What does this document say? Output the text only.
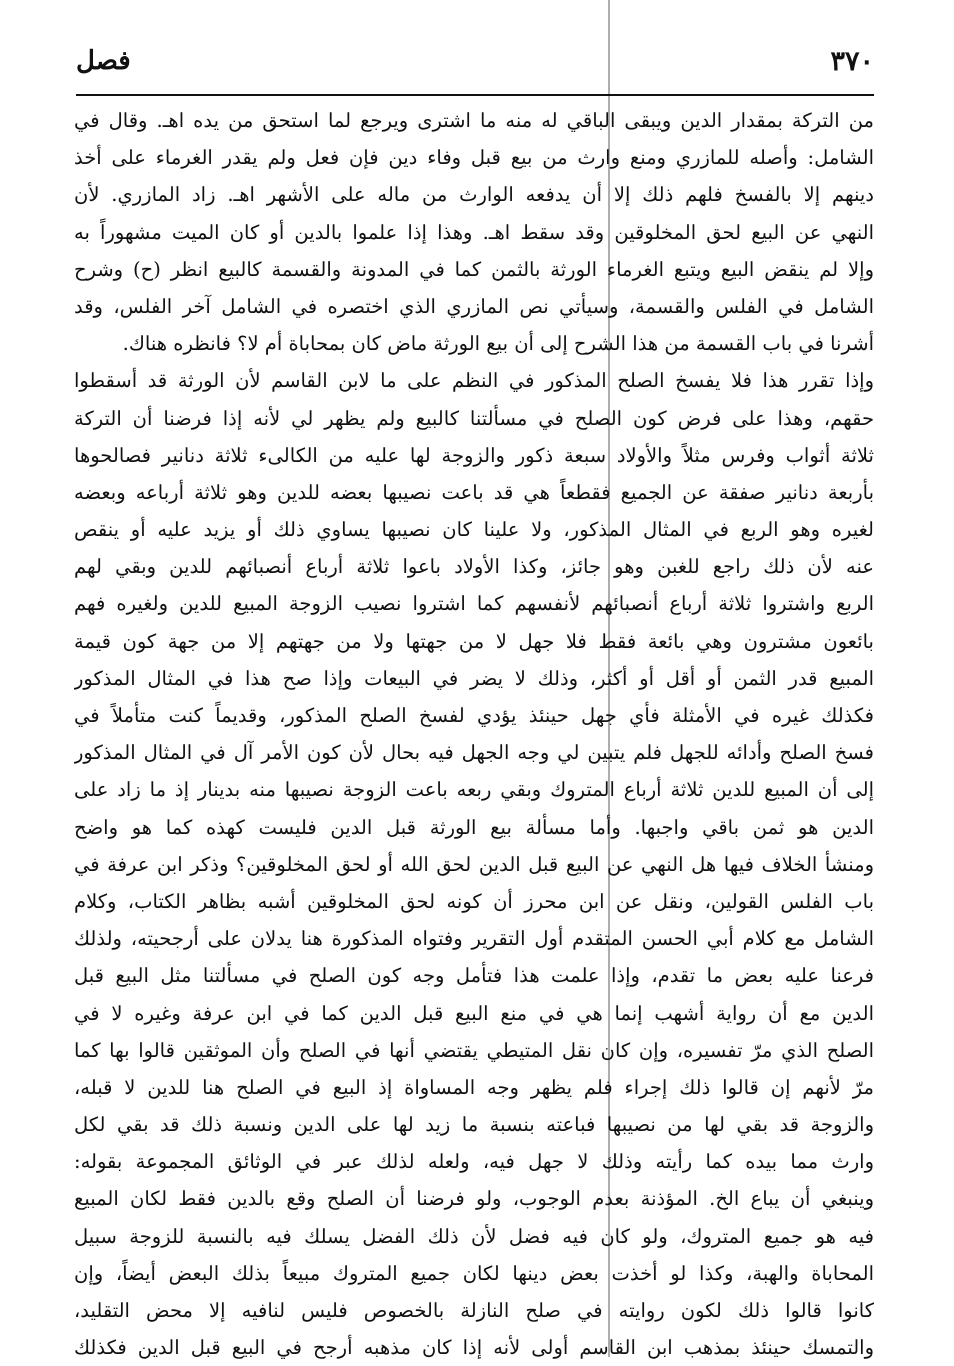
٣٧٠
فصل
من التركة بمقدار الدين ويبقى الباقي له منه ما اشترى ويرجع لما استحق من يده اهـ. وقال في
الشامل: وأصله للمازري ومنع وارث من بيع قبل وفاء دين فإن فعل ولم يقدر الغرماء على أخذ
دينهم إلا بالفسخ فلهم ذلك إلا أن يدفعه الوارث من ماله على الأشهر اهـ. زاد المازري. لأن
النهي عن البيع لحق المخلوقين وقد سقط اهـ. وهذا إذا علموا بالدين أو كان الميت مشهوراً به
وإلا لم ينقض البيع ويتبع الغرماء الورثة بالثمن كما في المدونة والقسمة كالبيع انظر (ح) وشرح
الشامل في الفلس والقسمة، وسيأتي نص المازري الذي اختصره في الشامل آخر الفلس، وقد
أشرنا في باب القسمة من هذا الشرح إلى أن بيع الورثة ماض كان بمحاباة أم لا؟ فانظره هناك.
وإذا تقرر هذا فلا يفسخ الصلح المذكور في النظم على ما لابن القاسم لأن الورثة قد أسقطوا
حقهم، وهذا على فرض كون الصلح في مسألتنا كالبيع ولم يظهر لي لأنه إذا فرضنا أن التركة
ثلاثة أثواب وفرس مثلاً والأولاد سبعة ذكور والزوجة لها عليه من الكالىء ثلاثة دنانير فصالحوها
بأربعة دنانير صفقة عن الجميع فقطعاً هي قد باعت نصيبها بعضه للدين وهو ثلاثة أرباعه وبعضه
لغيره وهو الربع في المثال المذكور، ولا علينا كان نصيبها يساوي ذلك أو يزيد عليه أو ينقص
عنه لأن ذلك راجع للغبن وهو جائز، وكذا الأولاد باعوا ثلاثة أرباع أنصبائهم للدين وبقي لهم
الربع واشتروا ثلاثة أرباع أنصبائهم لأنفسهم كما اشتروا نصيب الزوجة المبيع للدين ولغيره فهم
بائعون مشترون وهي بائعة فقط فلا جهل لا من جهتها ولا من جهتهم إلا من جهة كون قيمة
المبيع قدر الثمن أو أقل أو أكثر، وذلك لا يضر في البيعات وإذا صح هذا في المثال المذكور
فكذلك غيره في الأمثلة فأي جهل حينئذ يؤدي لفسخ الصلح المذكور، وقديماً كنت متأملاً في
فسخ الصلح وأدائه للجهل فلم يتبين لي وجه الجهل فيه بحال لأن كون الأمر آل في المثال المذكور
إلى أن المبيع للدين ثلاثة أرباع المتروك وبقي ربعه باعت الزوجة نصيبها منه بدينار إذ ما زاد على
الدين هو ثمن باقي واجبها. وأما مسألة بيع الورثة قبل الدين فليست كهذه كما هو واضح
ومنشأ الخلاف فيها هل النهي عن البيع قبل الدين لحق الله أو لحق المخلوقين؟ وذكر ابن عرفة في
باب الفلس القولين، ونقل عن ابن محرز أن كونه لحق المخلوقين أشبه بظاهر الكتاب، وكلام
الشامل مع كلام أبي الحسن المتقدم أول التقرير وفتواه المذكورة هنا يدلان على أرجحيته، ولذلك
فرعنا عليه بعض ما تقدم، وإذا علمت هذا فتأمل وجه كون الصلح في مسألتنا مثل البيع قبل
الدين مع أن رواية أشهب إنما هي في منع البيع قبل الدين كما في ابن عرفة وغيره لا في
الصلح الذي مرّ تفسيره، وإن كان نقل المتيطي يقتضي أنها في الصلح وأن الموثقين قالوا بها كما
مرّ لأنهم إن قالوا ذلك إجراء فلم يظهر وجه المساواة إذ البيع في الصلح هنا للدين لا قبله،
والزوجة قد بقي لها من نصيبها فباعته بنسبة ما زيد لها على الدين ونسبة ذلك قد بقي لكل
وارث مما بيده كما رأيته وذلك لا جهل فيه، ولعله لذلك عبر في الوثائق المجموعة بقوله:
وينبغي أن يباع الخ. المؤذنة بعدم الوجوب، ولو فرضنا أن الصلح وقع بالدين فقط لكان المبيع
فيه هو جميع المتروك، ولو كان فيه فضل لأن ذلك الفضل يسلك فيه بالنسبة للزوجة سبيل
المحاباة والهبة، وكذا لو أخذت بعض دينها لكان جميع المتروك مبيعاً بذلك البعض أيضاً، وإن
كانوا قالوا ذلك لكون روايته في صلح النازلة بالخصوص فليس لنافيه إلا محض التقليد،
والتمسك حينئذ بمذهب ابن القاسم أولى لأنه إذا كان مذهبه أرجح في البيع قبل الدين فكذلك
